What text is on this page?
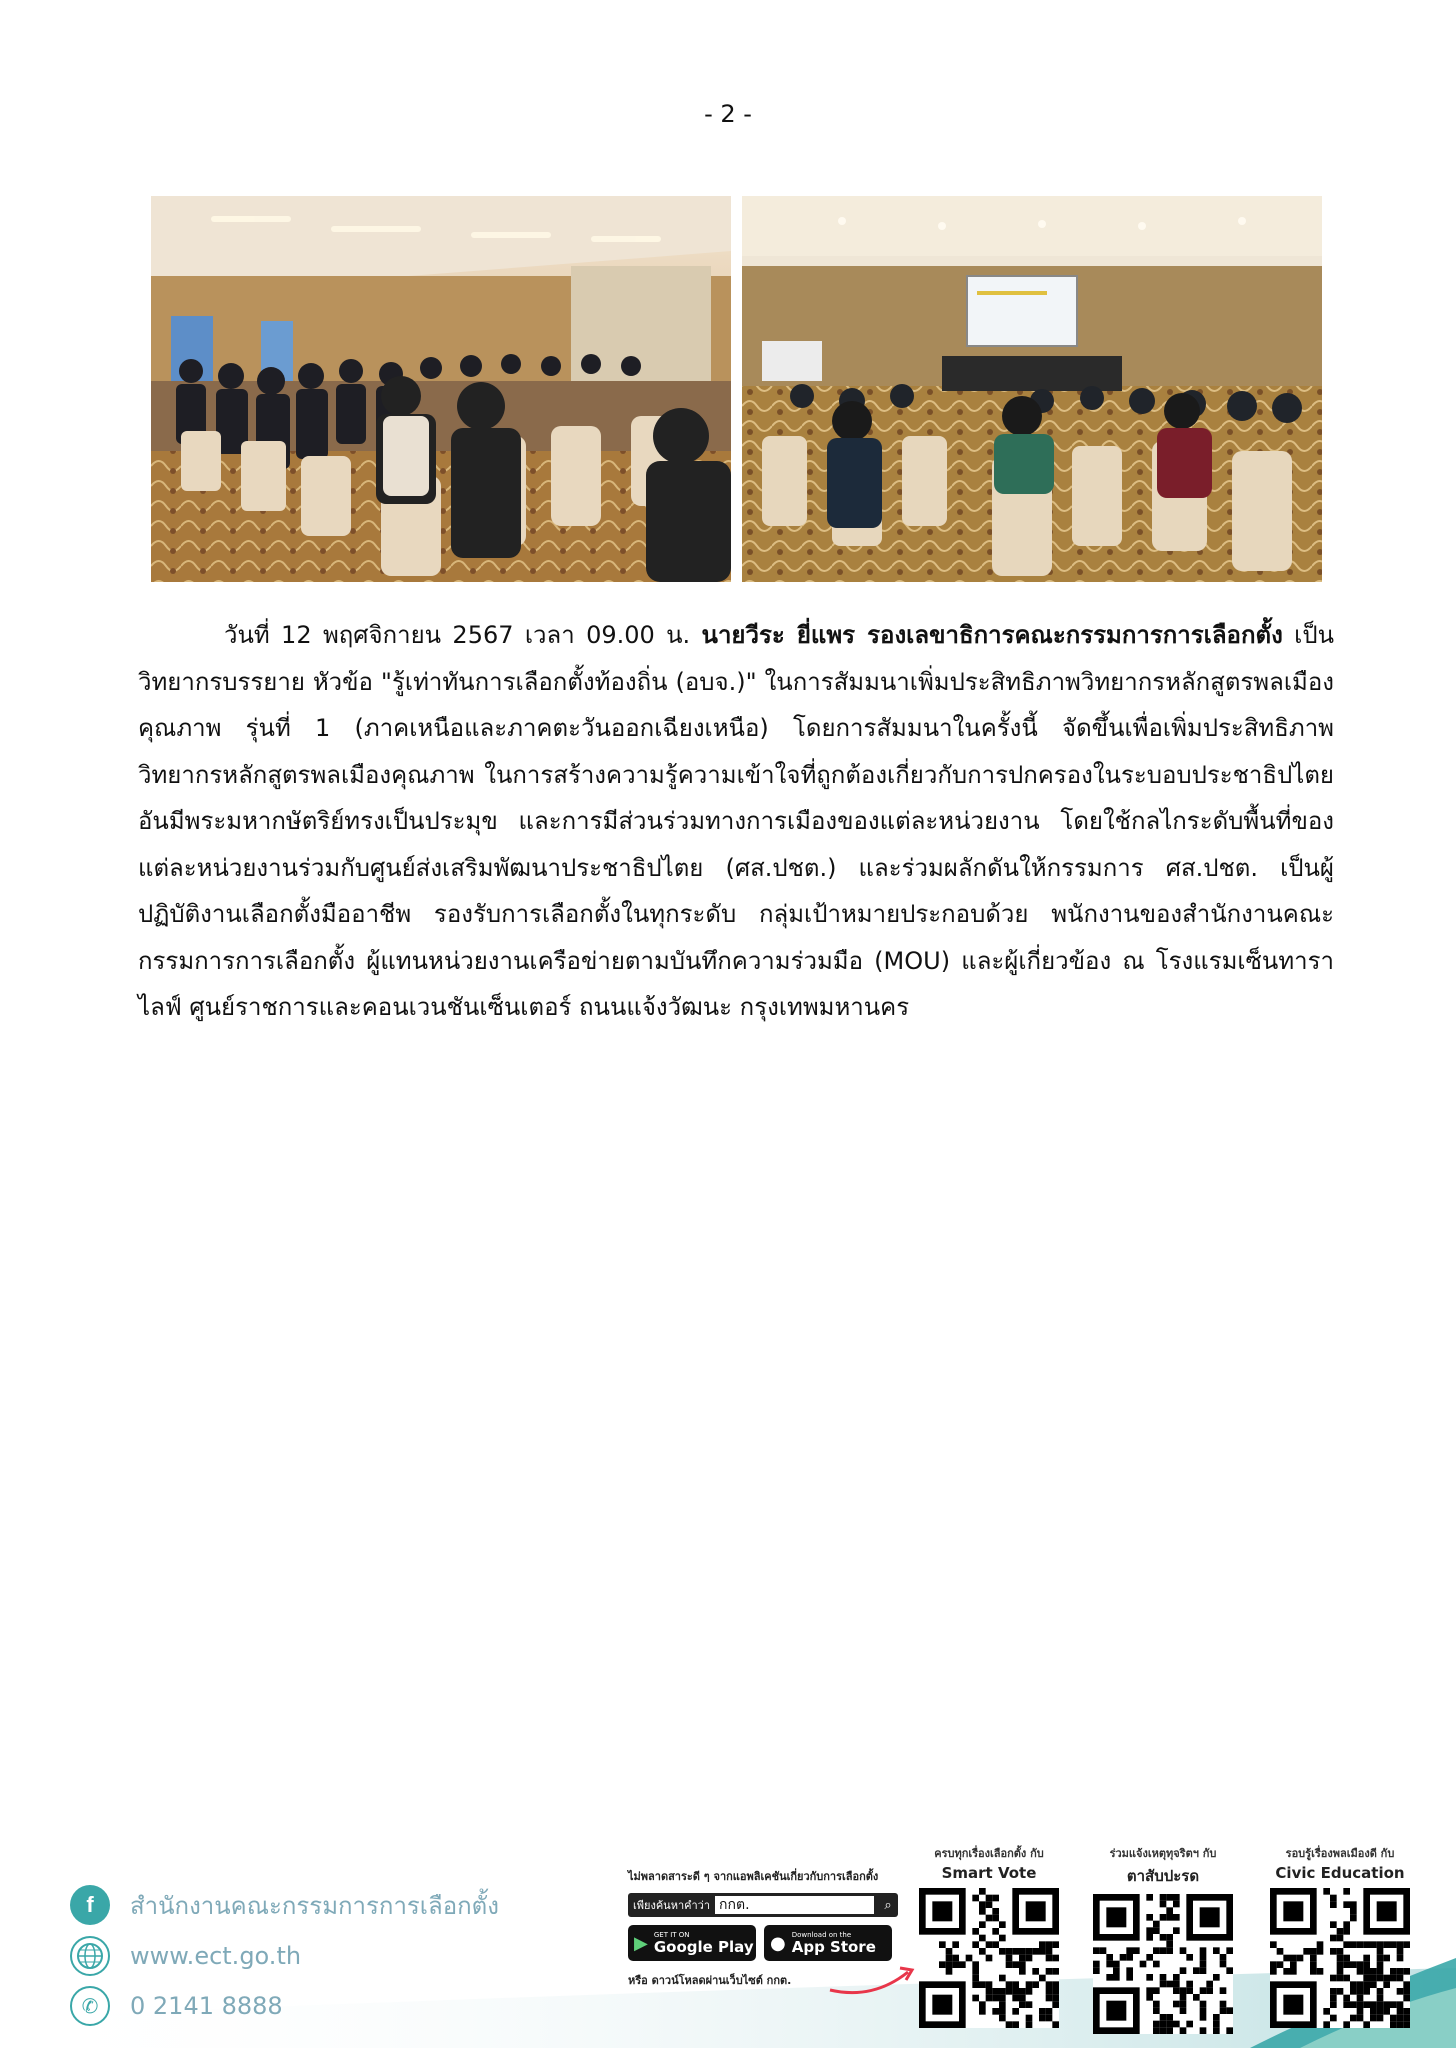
- 2 -
วันที่ 12 พฤศจิกายน 2567 เวลา 09.00 น. นายวีระ ยี่แพร รองเลขาธิการคณะกรรมการการเลือกตั้ง เป็นวิทยากรบรรยาย หัวข้อ "รู้เท่าทันการเลือกตั้งท้องถิ่น (อบจ.)" ในการสัมมนาเพิ่มประสิทธิภาพวิทยากรหลักสูตรพลเมืองคุณภาพ รุ่นที่ 1 (ภาคเหนือและภาคตะวันออกเฉียงเหนือ) โดยการสัมมนาในครั้งนี้ จัดขึ้นเพื่อเพิ่มประสิทธิภาพวิทยากรหลักสูตรพลเมืองคุณภาพ ในการสร้างความรู้ความเข้าใจที่ถูกต้องเกี่ยวกับการปกครองในระบอบประชาธิปไตยอันมีพระมหากษัตริย์ทรงเป็นประมุข และการมีส่วนร่วมทางการเมืองของแต่ละหน่วยงาน โดยใช้กลไกระดับพื้นที่ของแต่ละหน่วยงานร่วมกับศูนย์ส่งเสริมพัฒนาประชาธิปไตย (ศส.ปชต.) และร่วมผลักดันให้กรรมการ ศส.ปชต. เป็นผู้ปฏิบัติงานเลือกตั้งมืออาชีพ รองรับการเลือกตั้งในทุกระดับ กลุ่มเป้าหมายประกอบด้วย พนักงานของสำนักงานคณะกรรมการการเลือกตั้ง ผู้แทนหน่วยงานเครือข่ายตามบันทึกความร่วมมือ (MOU) และผู้เกี่ยวข้อง ณ โรงแรมเซ็นทาราไลฟ์ ศูนย์ราชการและคอนเวนชันเซ็นเตอร์ ถนนแจ้งวัฒนะ กรุงเทพมหานคร
f สำนักงานคณะกรรมการการเลือกตั้ง
www.ect.go.th
✆ 0 2141 8888
ไม่พลาดสาระดี ๆ จากแอพลิเคชันเกี่ยวกับการเลือกตั้ง
เพียงค้นหาคำว่า กกต.	⌕
▶ GET IT ON
Google Play ● Download on the
App Store
หรือ ดาวน์โหลดผ่านเว็บไซต์ กกต.
ครบทุกเรื่องเลือกตั้ง กับ
Smart Vote
ร่วมแจ้งเหตุทุจริตฯ กับ
ตาสับปะรด
รอบรู้เรื่องพลเมืองดี กับ
Civic Education
